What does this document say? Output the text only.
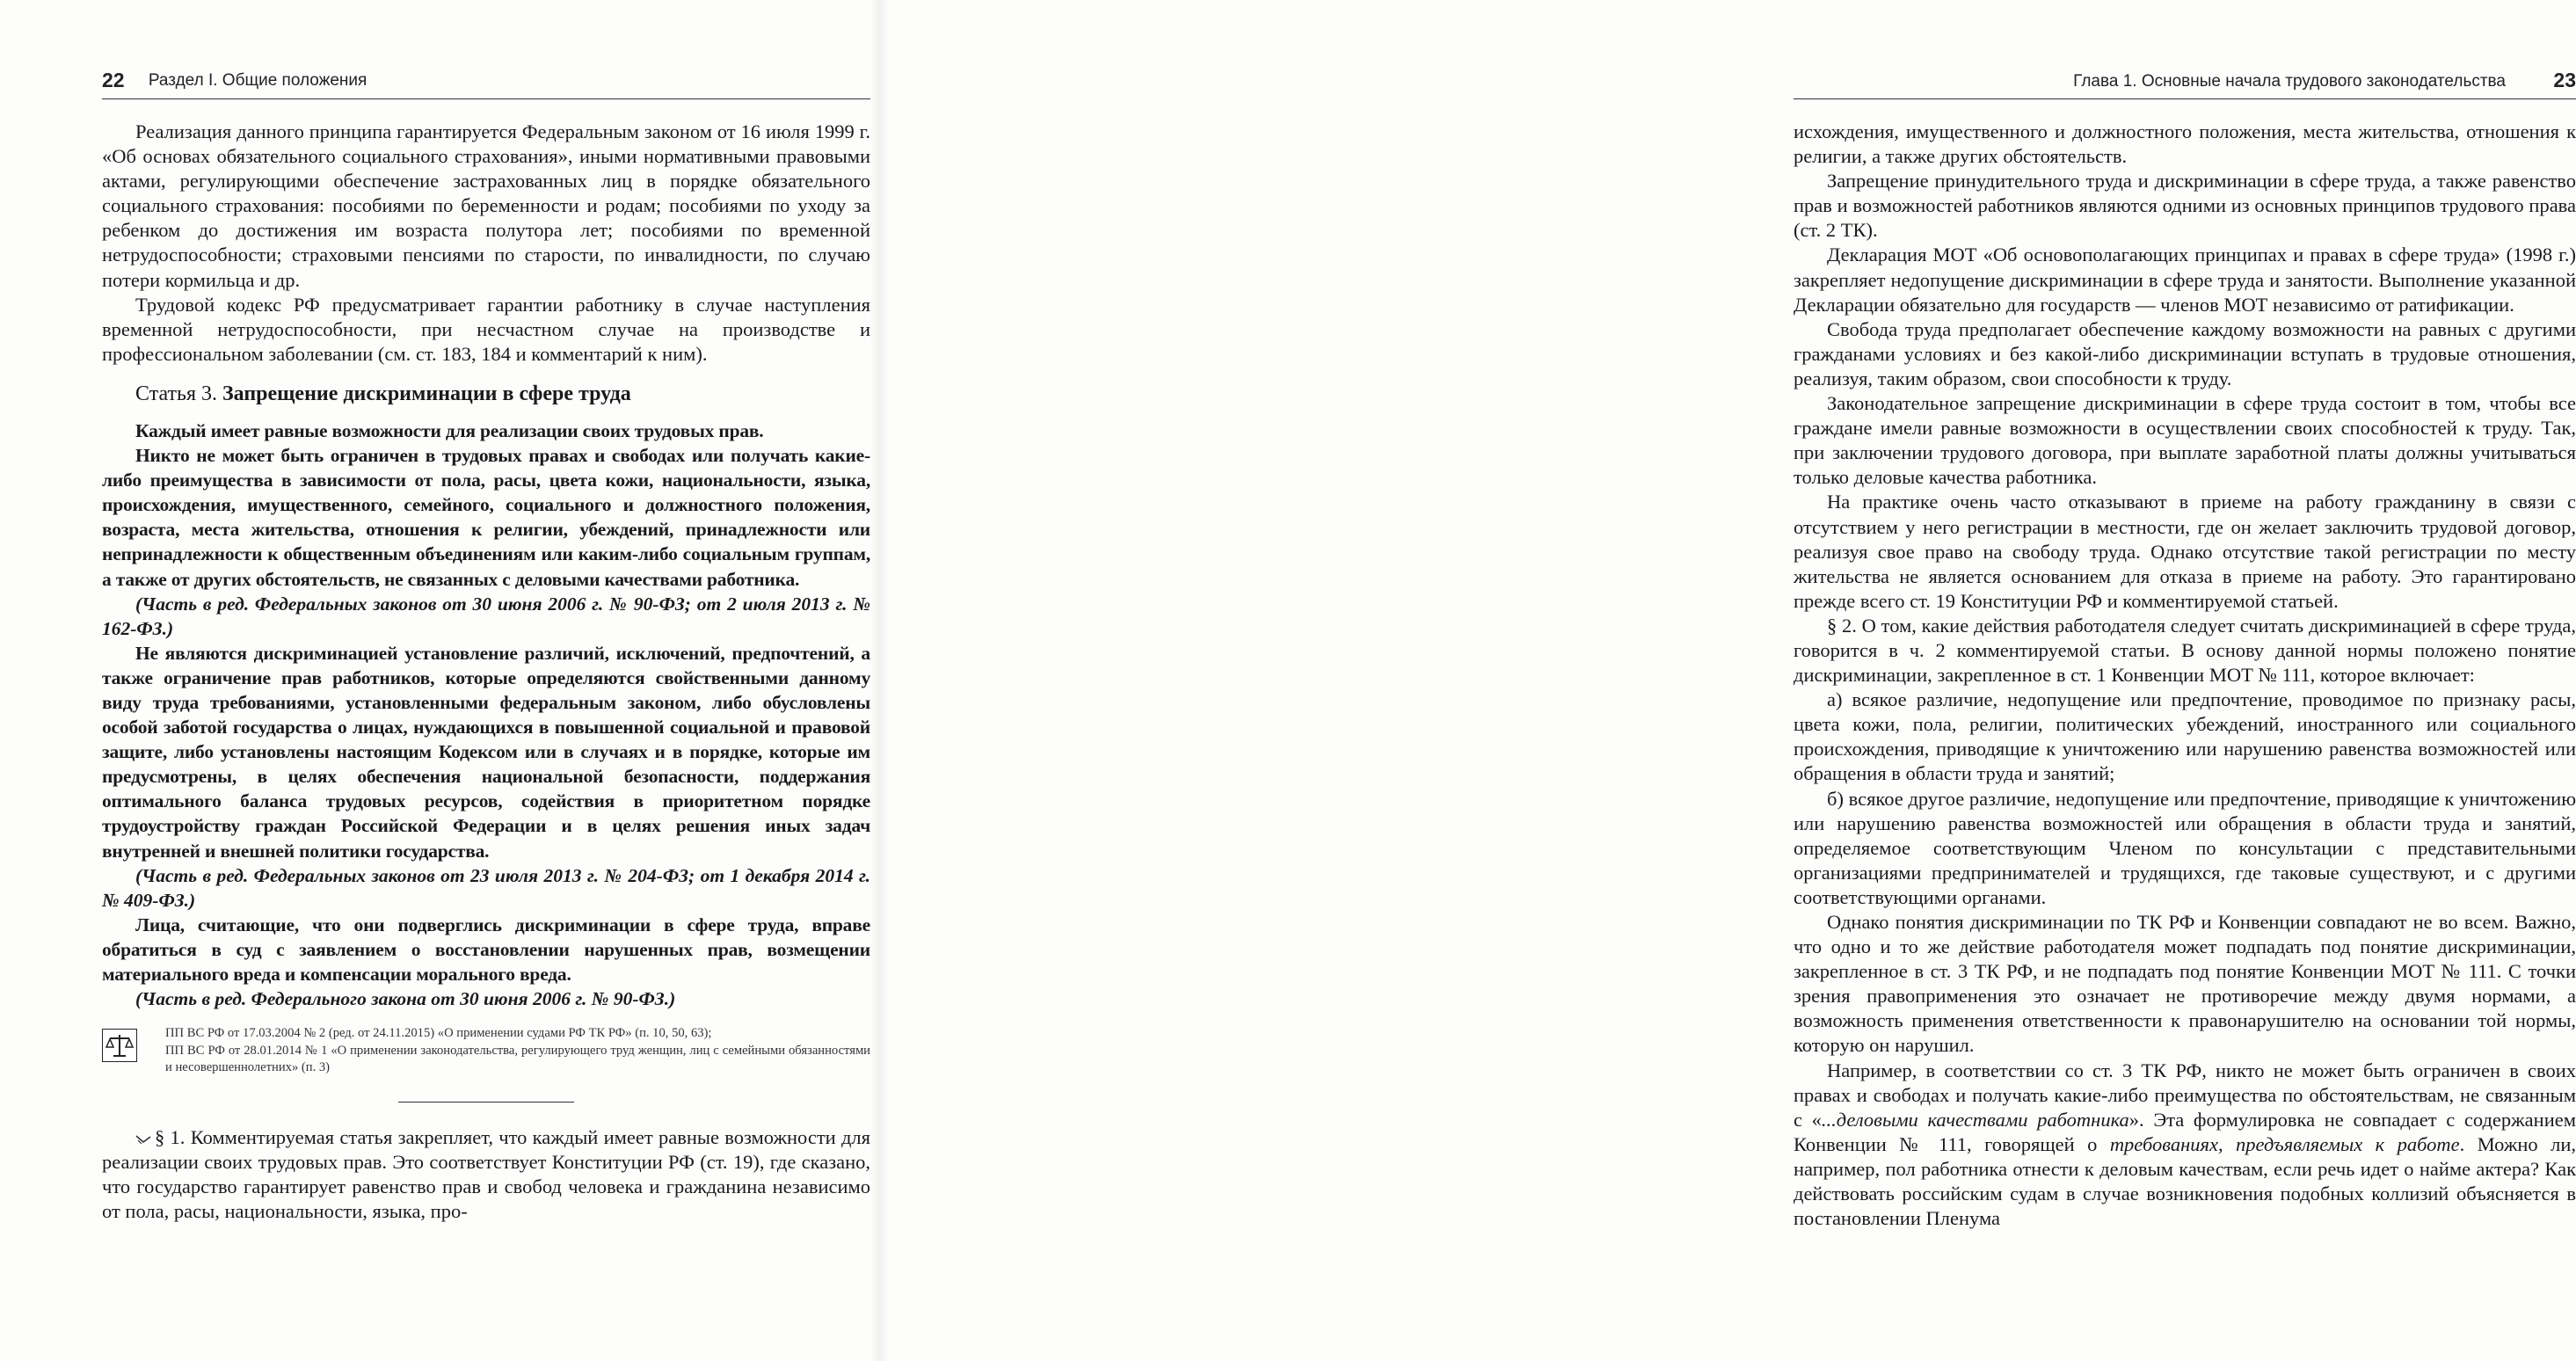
22 Раздел I. Общие положения

Реализация данного принципа гарантируется Федеральным законом от 16 июля 1999 г. «Об основах обязательного социального страхования», иными нормативными правовыми актами, регулирующими обеспечение застрахованных лиц в порядке обязательного социального страхования: пособиями по беременности и родам; пособиями по уходу за ребенком до достижения им возраста полутора лет; пособиями по временной нетрудоспособности; страховыми пенсиями по старости, по инвалидности, по случаю потери кормильца и др.

Трудовой кодекс РФ предусматривает гарантии работнику в случае наступления временной нетрудоспособности, при несчастном случае на производстве и профессиональном заболевании (см. ст. 183, 184 и комментарий к ним).

Статья 3. Запрещение дискриминации в сфере труда

Каждый имеет равные возможности для реализации своих трудовых прав.

Никто не может быть ограничен в трудовых правах и свободах или получать какие-либо преимущества в зависимости от пола, расы, цвета кожи, национальности, языка, происхождения, имущественного, семейного, социального и должностного положения, возраста, места жительства, отношения к религии, убеждений, принадлежности или непринадлежности к общественным объединениям или каким-либо социальным группам, а также от других обстоятельств, не связанных с деловыми качествами работника.

(Часть в ред. Федеральных законов от 30 июня 2006 г. № 90-ФЗ; от 2 июля 2013 г. № 162-ФЗ.)

Не являются дискриминацией установление различий, исключений, предпочтений, а также ограничение прав работников, которые определяются свойственными данному виду труда требованиями, установленными федеральным законом, либо обусловлены особой заботой государства о лицах, нуждающихся в повышенной социальной и правовой защите, либо установлены настоящим Кодексом или в случаях и в порядке, которые им предусмотрены, в целях обеспечения национальной безопасности, поддержания оптимального баланса трудовых ресурсов, содействия в приоритетном порядке трудоустройству граждан Российской Федерации и в целях решения иных задач внутренней и внешней политики государства.

(Часть в ред. Федеральных законов от 23 июля 2013 г. № 204-ФЗ; от 1 декабря 2014 г. № 409-ФЗ.)

Лица, считающие, что они подверглись дискриминации в сфере труда, вправе обратиться в суд с заявлением о восстановлении нарушенных прав, возмещении материального вреда и компенсации морального вреда.

(Часть в ред. Федерального закона от 30 июня 2006 г. № 90-ФЗ.)

ПП ВС РФ от 17.03.2004 № 2 (ред. от 24.11.2015) «О применении судами РФ ТК РФ» (п. 10, 50, 63);
ПП ВС РФ от 28.01.2014 № 1 «О применении законодательства, регулирующего труд женщин, лиц с семейными обязанностями и несовершеннолетних» (п. 3)

§ 1. Комментируемая статья закрепляет, что каждый имеет равные возможности для реализации своих трудовых прав. Это соответствует Конституции РФ (ст. 19), где сказано, что государство гарантирует равенство прав и свобод человека и гражданина независимо от пола, расы, национальности, языка, про-

Глава 1. Основные начала трудового законодательства 23

исхождения, имущественного и должностного положения, места жительства, отношения к религии, а также других обстоятельств.

Запрещение принудительного труда и дискриминации в сфере труда, а также равенство прав и возможностей работников являются одними из основных принципов трудового права (ст. 2 ТК).

Декларация МОТ «Об основополагающих принципах и правах в сфере труда» (1998 г.) закрепляет недопущение дискриминации в сфере труда и занятости. Выполнение указанной Декларации обязательно для государств — членов МОТ независимо от ратификации.

Свобода труда предполагает обеспечение каждому возможности на равных с другими гражданами условиях и без какой-либо дискриминации вступать в трудовые отношения, реализуя, таким образом, свои способности к труду.

Законодательное запрещение дискриминации в сфере труда состоит в том, чтобы все граждане имели равные возможности в осуществлении своих способностей к труду. Так, при заключении трудового договора, при выплате заработной платы должны учитываться только деловые качества работника.

На практике очень часто отказывают в приеме на работу гражданину в связи с отсутствием у него регистрации в местности, где он желает заключить трудовой договор, реализуя свое право на свободу труда. Однако отсутствие такой регистрации по месту жительства не является основанием для отказа в приеме на работу. Это гарантировано прежде всего ст. 19 Конституции РФ и комментируемой статьей.

§ 2. О том, какие действия работодателя следует считать дискриминацией в сфере труда, говорится в ч. 2 комментируемой статьи. В основу данной нормы положено понятие дискриминации, закрепленное в ст. 1 Конвенции МОТ № 111, которое включает:

а) всякое различие, недопущение или предпочтение, проводимое по признаку расы, цвета кожи, пола, религии, политических убеждений, иностранного или социального происхождения, приводящие к уничтожению или нарушению равенства возможностей или обращения в области труда и занятий;

б) всякое другое различие, недопущение или предпочтение, приводящие к уничтожению или нарушению равенства возможностей или обращения в области труда и занятий, определяемое соответствующим Членом по консультации с представительными организациями предпринимателей и трудящихся, где таковые существуют, и с другими соответствующими органами.

Однако понятия дискриминации по ТК РФ и Конвенции совпадают не во всем. Важно, что одно и то же действие работодателя может подпадать под понятие дискриминации, закрепленное в ст. 3 ТК РФ, и не подпадать под понятие Конвенции МОТ № 111. С точки зрения правоприменения это означает не противоречие между двумя нормами, а возможность применения ответственности к правонарушителю на основании той нормы, которую он нарушил.

Например, в соответствии со ст. 3 ТК РФ, никто не может быть ограничен в своих правах и свободах и получать какие-либо преимущества по обстоятельствам, не связанным с «...деловыми качествами работника». Эта формулировка не совпадает с содержанием Конвенции № 111, говорящей о требованиях, предъявляемых к работе. Можно ли, например, пол работника отнести к деловым качествам, если речь идет о найме актера? Как действовать российским судам в случае возникновения подобных коллизий объясняется в постановлении Пленума
